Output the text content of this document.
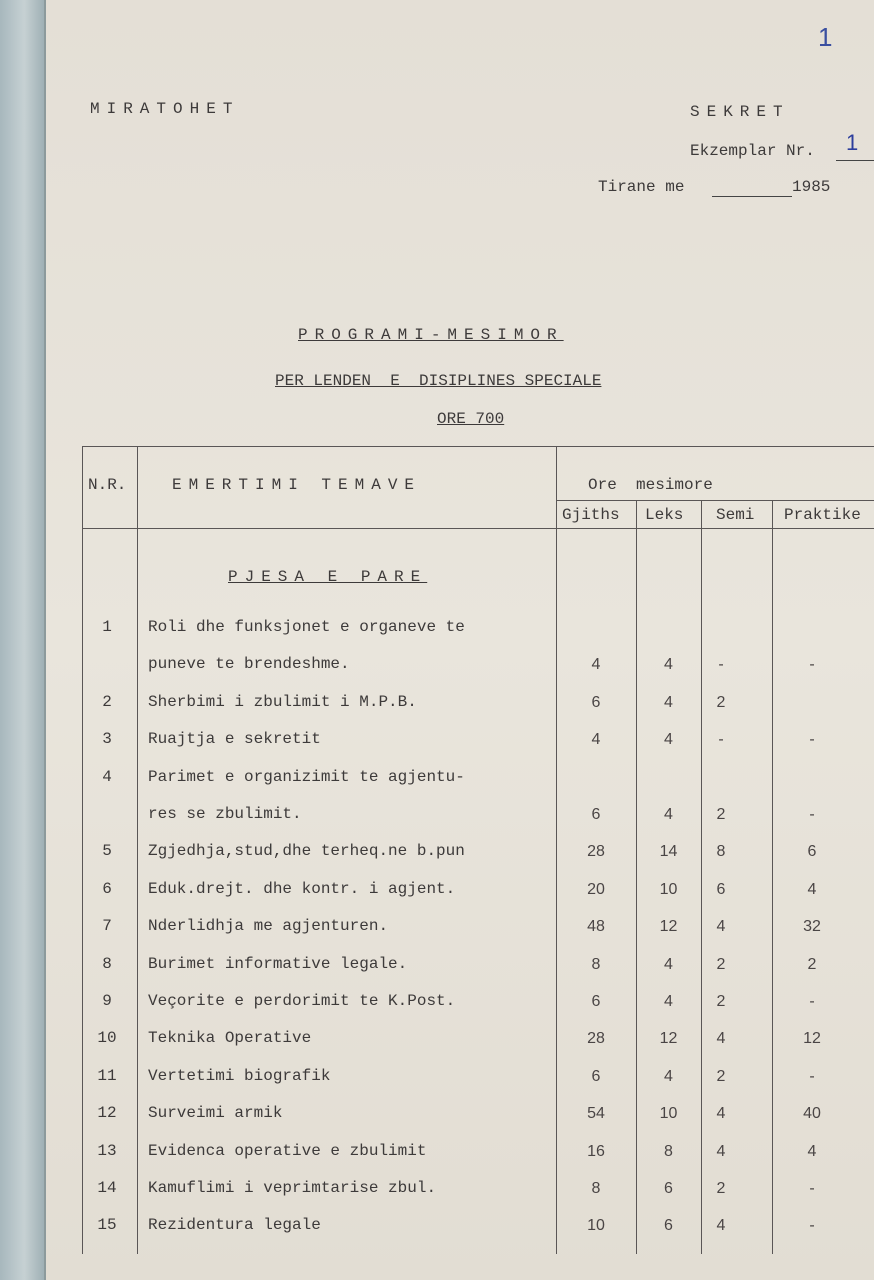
1
MIRATOHET	SEKRET
Ekzemplar Nr. 1
Tirane me	1985
PROGRAMI-MESIMOR
PER LENDEN  E  DISIPLINES SPECIALE
ORE 700
N.R.	EMERTIMI TEMAVE	Ore  mesimore
Gjiths Leks Semi Praktike
PJESA E PARE
1	Roli dhe funksjonet e organeve te
puneve te brendeshme.	4	4	-	-
2	Sherbimi i zbulimit i M.P.B.	6	4	2
3	Ruajtja e sekretit	4	4	-	-
4	Parimet e organizimit te agjentu-
res se zbulimit.	6	4	2	-
5	Zgjedhja,stud,dhe terheq.ne b.pun	28	14	8	6
6	Eduk.drejt. dhe kontr. i agjent.	20	10	6	4
7	Nderlidhja me agjenturen.	48	12	4	32
8	Burimet informative legale.	8	4	2	2
9	Veçorite e perdorimit te K.Post.	6	4	2	-
10	Teknika Operative	28	12	4	12
11	Vertetimi biografik	6	4	2	-
12	Surveimi armik	54	10	4	40
13	Evidenca operative e zbulimit	16	8	4	4
14	Kamuflimi i veprimtarise zbul.	8	6	2	-
15	Rezidentura legale	10	6	4	-
